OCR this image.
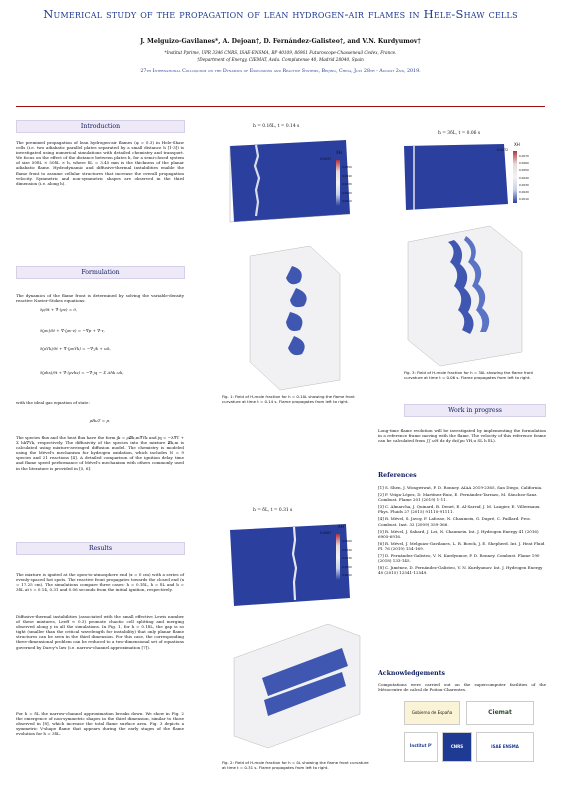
Numerical study of the propagation of lean hydrogen-air flames in Hele-Shaw cells
J. Melguizo-Gavilanes*, A. Dejoan†, D. Fernández-Galisteo†, and V.N. Kurdyumov†
*Institut Pprime, UPR 3346 CNRS, ISAE-ENSMA, BP 40109, 86961 Futuroscope-Chasseneuil Cedex, France.
†Department of Energy, CIEMAT, Avda. Complutense 40, Madrid 28040, Spain
27th International Colloquium on the Dynamics of Explosions and Reactive Systems, Beijing, China, July 28th - August 2nd, 2019.
Introduction
The premixed propagation of lean hydrogen-air flames (φ = 0.3) in Hele-Shaw cells (i.e. two adiabatic parallel plates separated by a small distance h [1-3]) is investigated using numerical simulations with detailed chemistry and transport. We focus on the effect of the distance between plates h, for a semi-closed system of size 50δL × 50δL × h, where δL = 3.45 mm is the thickness of the planar adiabatic flame. Hydrodynamic and diffusive-thermal instabilities enable the flame front to assume cellular structures that increase the overall propagation velocity. Symmetric and non-symmetric shapes are observed in the third dimension (i.e. along h).
Formulation
The dynamics of the flame front is determined by solving the variable-density reactive Navier-Stokes equations:
∂ρ/∂t + ∇·(ρv) = 0,
∂(ρv)/∂t + ∇·(ρv·v) = −∇p + ∇·τ,
∂(ρYk)/∂t + ∇·(ρvYk) = −∇·jk + ωk,
∂(ρhs)/∂t + ∇·(ρvhs) = −∇·jq − Σ Δhk ωk,
with the ideal gas equation of state:
ρRuT = p.
The species flux and the heat flux have the form jk = ρ𝒟k,m∇Yk and jq = −λ∇T + Σ hk∇Yk, respectively. The diffusivity of the species into the mixture 𝒟k,m is calculated using mixture-averaged diffusion model. The chemistry is modeled using the Mével's mechanism for hydrogen oxidation, which includes N = 9 species and 21 reactions [4]. A detailed comparison of the ignition delay time and flame speed performance of Mével's mechanism with others commonly used in the literature is provided in [5, 6].
Results
The mixture is ignited at the open-to-atmosphere end (x = 0 cm) with a series of evenly-spaced hot spots. The reactive front propagates towards the closed end (x = 17.25 cm). The simulations compare three cases: h = 0.1δL, h = δL and h = 3δL at t = 0.14, 0.31 and 0.06 seconds from the initial ignition, respectively.
Diffusive-thermal instabilities (associated with the small effective Lewis number of these mixtures, Leeff ≈ 0.3) promote chaotic cell splitting and merging observed along y in all the simulations. In Fig. 1, for h = 0.1δL, the gap is so tight (smaller than the critical wavelength for instability) that only planar flame structures can be seen in the third dimension. For this case, the corresponding three-dimensional problem can be reduced to a two-dimensional set of equations governed by Darcy's law (i.e. narrow-channel approximation [7]).
For h = δL the narrow-channel approximation breaks down. We show in Fig. 2 the emergence of non-symmetric shapes in the third dimension, similar to those observed in [8], which increase the total flame surface area. Fig. 3 depicts a symmetric V-shape flame that appears during the early stages of the flame evolution for h = 3δL.
h = 0.1δL, t = 0.14 s
XH
0.0057
0.0050
0.0040
0.0030
0.0020
0.0010
Fig. 1: Field of H-mole fraction for h = 0.1δL showing the flame front curvature at time t = 0.14 s. Flame propagates from left to right.
h = δL, t = 0.31 s
XH
0.0067
0.0060
0.0040
0.0030
0.0020
0.0010
Fig. 2: Field of H-mole fraction for h = δL showing the flame front curvature at time t = 0.31 s. Flame propagates from left to right.
h = 3δL, t = 0.06 s
XH
0.0072
0.0070
0.0060
0.0050
0.0040
0.0030
0.0020
0.0010
Fig. 3: Field of H-mole fraction for h = 3δL showing the flame front curvature at time t = 0.06 s. Flame propagates from left to right.
Work in progress
Long-time flame evolution will be investigated by implementing the formulation in a reference frame moving with the flame. The velocity of this reference frame can be calculated from ∫∫ ωH dz dy dz/(ρu YH,u SL h δL).
References
[1] S. Shen, J. Wongwiwat, P. D. Ronney. AIAA 2019-2365, San Diego, California.
[2] F. Veiga-López, D. Martínez-Ruiz, E. Fernández-Tarrazo, M. Sánchez-Sanz. Combust. Flame 201 (2019) 1-11.
[3] C. Almarcha, J. Quinard, B. Denet, E. Al-Sarraf, J. M. Laugier, E. Villermaux. Phys. Fluids 27 (2015) 91110-91111.
[4] R. Mével, S. Javoy, F. Lafosse, N. Chaumeix, G. Dupré, C. Paillard. Proc. Combust. Inst. 32 (2009) 359-366.
[5] R. Mével, J. Sabard, J. Lei, N. Chaumeix. Int. J. Hydrogen Energy 41 (2016) 6905-6916.
[6] R. Mével, J. Melguizo-Gavilanes, L. R. Boeck, J. E. Shepherd. Int. J. Heat Fluid Fl. 76 (2019) 154-169.
[7] D. Fernández-Galisteo, V. N. Kurdyumov, P. D. Ronney. Combust. Flame 190 (2018) 133-145.
[8] C. Jiménez, D. Fernández-Galisteo, V. N. Kurdyumov. Int. J. Hydrogen Energy 40 (2015) 12541-12549.
Acknowledgements
Computations were carried out on the supercomputer facilities of the Mésocentre de calcul de Poitou-Charentes.
Gobierno de España	Ciemat
Institut P'	CNRS	ISAE ENSMA
